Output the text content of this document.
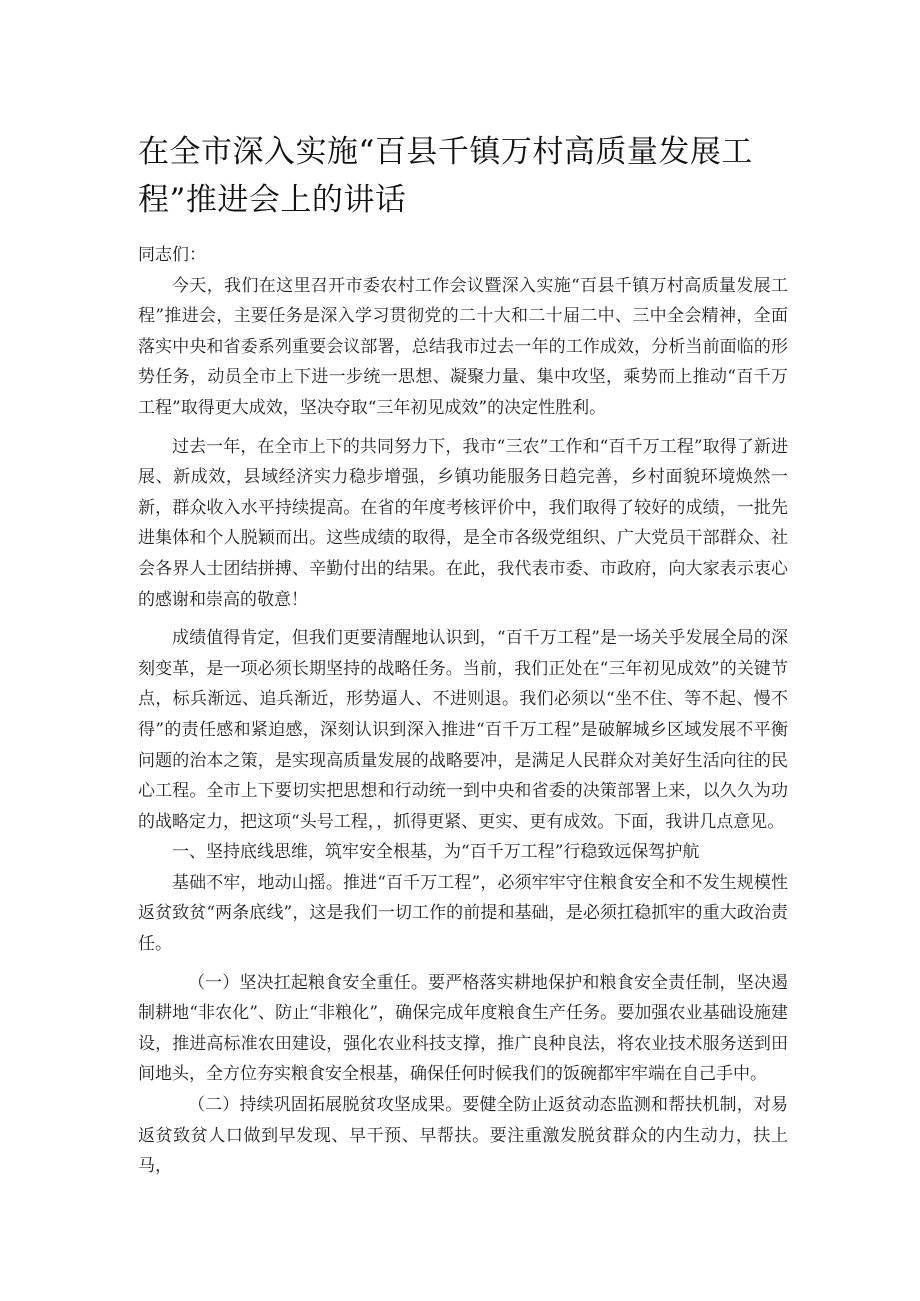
在全市深入实施“百县千镇万村高质量发展工程”推进会上的讲话

同志们：

今天，我们在这里召开市委农村工作会议暨深入实施“百县千镇万村高质量发展工程”推进会，主要任务是深入学习贯彻党的二十大和二十届二中、三中全会精神，全面落实中央和省委系列重要会议部署，总结我市过去一年的工作成效，分析当前面临的形势任务，动员全市上下进一步统一思想、凝聚力量、集中攻坚，乘势而上推动“百千万工程”取得更大成效，坚决夺取“三年初见成效”的决定性胜利。

过去一年，在全市上下的共同努力下，我市“三农”工作和“百千万工程”取得了新进展、新成效，县域经济实力稳步增强，乡镇功能服务日趋完善，乡村面貌环境焕然一新，群众收入水平持续提高。在省的年度考核评价中，我们取得了较好的成绩，一批先进集体和个人脱颖而出。这些成绩的取得，是全市各级党组织、广大党员干部群众、社会各界人士团结拼搏、辛勤付出的结果。在此，我代表市委、市政府，向大家表示衷心的感谢和崇高的敬意！

成绩值得肯定，但我们更要清醒地认识到，“百千万工程”是一场关乎发展全局的深刻变革，是一项必须长期坚持的战略任务。当前，我们正处在“三年初见成效”的关键节点，标兵渐远、追兵渐近，形势逼人、不进则退。我们必须以“坐不住、等不起、慢不得”的责任感和紧迫感，深刻认识到深入推进“百千万工程”是破解城乡区域发展不平衡问题的治本之策，是实现高质量发展的战略要冲，是满足人民群众对美好生活向往的民心工程。全市上下要切实把思想和行动统一到中央和省委的决策部署上来，以久久为功的战略定力，把这项“头号工程，，抓得更紧、更实、更有成效。下面，我讲几点意见。

一、坚持底线思维，筑牢安全根基，为“百千万工程”行稳致远保驾护航

基础不牢，地动山摇。推进“百千万工程”，必须牢牢守住粮食安全和不发生规模性返贫致贫“两条底线”，这是我们一切工作的前提和基础，是必须扛稳抓牢的重大政治责任。

（一）坚决扛起粮食安全重任。要严格落实耕地保护和粮食安全责任制，坚决遏制耕地“非农化”、防止“非粮化”，确保完成年度粮食生产任务。要加强农业基础设施建设，推进高标准农田建设，强化农业科技支撑，推广良种良法，将农业技术服务送到田间地头，全方位夯实粮食安全根基，确保任何时候我们的饭碗都牢牢端在自己手中。

（二）持续巩固拓展脱贫攻坚成果。要健全防止返贫动态监测和帮扶机制，对易返贫致贫人口做到早发现、早干预、早帮扶。要注重激发脱贫群众的内生动力，扶上马，
